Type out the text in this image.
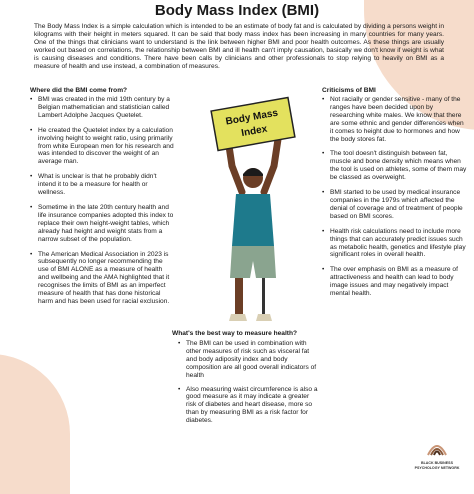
Body Mass Index (BMI)
The Body Mass Index is a simple calculation which is intended to be an estimate of body fat and is calculated by dividing a persons weight in kilograms with their height in meters squared. It can be said that body mass index has been increasing in many countries for many years. One of the things that clinicians want to understand is the link between higher BMI and poor health outcomes. As these things are usually worked out based on correlations, the relationship between BMI and ill health can't imply causation, basically we don't know if weight is what is causing diseases and conditions. There have been calls by clinicians and other professionals to stop relying to heavily on BMI as a measure of health and use instead, a combination of measures.
Where did the BMI come from?
• BMI was created in the mid 19th century by a Belgian mathematician and statistician called Lambert Adolphe Jacques Quetelet.
• He created the Quetelet index by a calculation involving height to weight ratio, using primarily from white European men for his research and was intended to discover the weight of an average man.
• What is unclear is that he probably didn't intend it to be a measure for health or wellness.
• Sometime in the late 20th century health and life insurance companies adopted this index to replace their own height-weight tables, which already had height and weight stats from a narrow subset of the population.
• The American Medical Association in 2023 is subsequently no longer recommending the use of BMI ALONE as a measure of health and wellbeing and the AMA highlighted that it recognises the limits of BMI as an imperfect measure of health that has done historical harm and has been used for racial exclusion.
Criticisms of BMI
• Not racially or gender sensitive - many of the ranges have been decided upon by researching white males. We know that there are some ethnic and gender differences when it comes to height due to hormones and how the body stores fat.
• The tool doesn't distinguish between fat, muscle and bone density which means when the tool is used on athletes, some of them may be classed as overweight.
• BMI started to be used by medical insurance companies in the 1979s which affected the denial of coverage and of treatment of people based on BMI scores.
• Health risk calculations need to include more things that can accurately predict issues such as metabolic health, genetics and lifestyle play significant roles in overall health.
• The over emphasis on BMI as a measure of attractiveness and health can lead to body image issues and may negatively impact mental health.
What's the best way to measure health?
• The BMI can be used in combination with other measures of risk such as visceral fat and body adiposity index and body composition are all good overall indicators of health
• Also measuring waist circumference is also a good measure as it may indicate a greater risk of diabetes and heart disease, more so than by measuring BMI as a risk factor for diabetes.
Body Mass
Index
BLACK BUSINESS PSYCHOLOGY NETWORK
